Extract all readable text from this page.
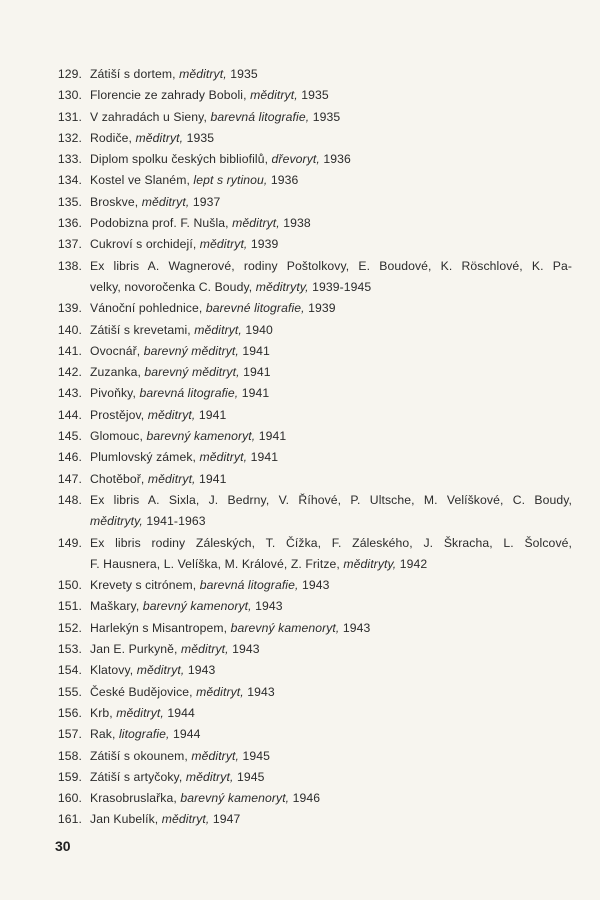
129. Zátiší s dortem, měditryt, 1935
130. Florencie ze zahrady Boboli, měditryt, 1935
131. V zahradách u Sieny, barevná litografie, 1935
132. Rodiče, měditryt, 1935
133. Diplom spolku českých bibliofilů, dřevoryt, 1936
134. Kostel ve Slaném, lept s rytinou, 1936
135. Broskve, měditryt, 1937
136. Podobizna prof. F. Nušla, měditryt, 1938
137. Cukroví s orchidejí, měditryt, 1939
138. Ex libris A. Wagnerové, rodiny Poštolkovy, E. Boudové, K. Röschlové, K. Pa-
velky, novoročenka C. Boudy, měditryty, 1939-1945
139. Vánoční pohlednice, barevné litografie, 1939
140. Zátiší s krevetami, měditryt, 1940
141. Ovocnář, barevný měditryt, 1941
142. Zuzanka, barevný měditryt, 1941
143. Pivoňky, barevná litografie, 1941
144. Prostějov, měditryt, 1941
145. Glomouc, barevný kamenoryt, 1941
146. Plumlovský zámek, měditryt, 1941
147. Chotěboř, měditryt, 1941
148. Ex libris A. Sixla, J. Bedrny, V. Říhové, P. Ultsche, M. Velíškové, C. Boudy,
měditryty, 1941-1963
149. Ex libris rodiny Záleských, T. Čížka, F. Záleského, J. Škracha, L. Šolcové,
F. Hausnera, L. Velíška, M. Králové, Z. Fritze, měditryty, 1942
150. Krevety s citrónem, barevná litografie, 1943
151. Maškary, barevný kamenoryt, 1943
152. Harlekýn s Misantropem, barevný kamenoryt, 1943
153. Jan E. Purkyně, měditryt, 1943
154. Klatovy, měditryt, 1943
155. České Budějovice, měditryt, 1943
156. Krb, měditryt, 1944
157. Rak, litografie, 1944
158. Zátiší s okounem, měditryt, 1945
159. Zátiší s artyčoky, měditryt, 1945
160. Krasobruslařka, barevný kamenoryt, 1946
161. Jan Kubelík, měditryt, 1947
30
